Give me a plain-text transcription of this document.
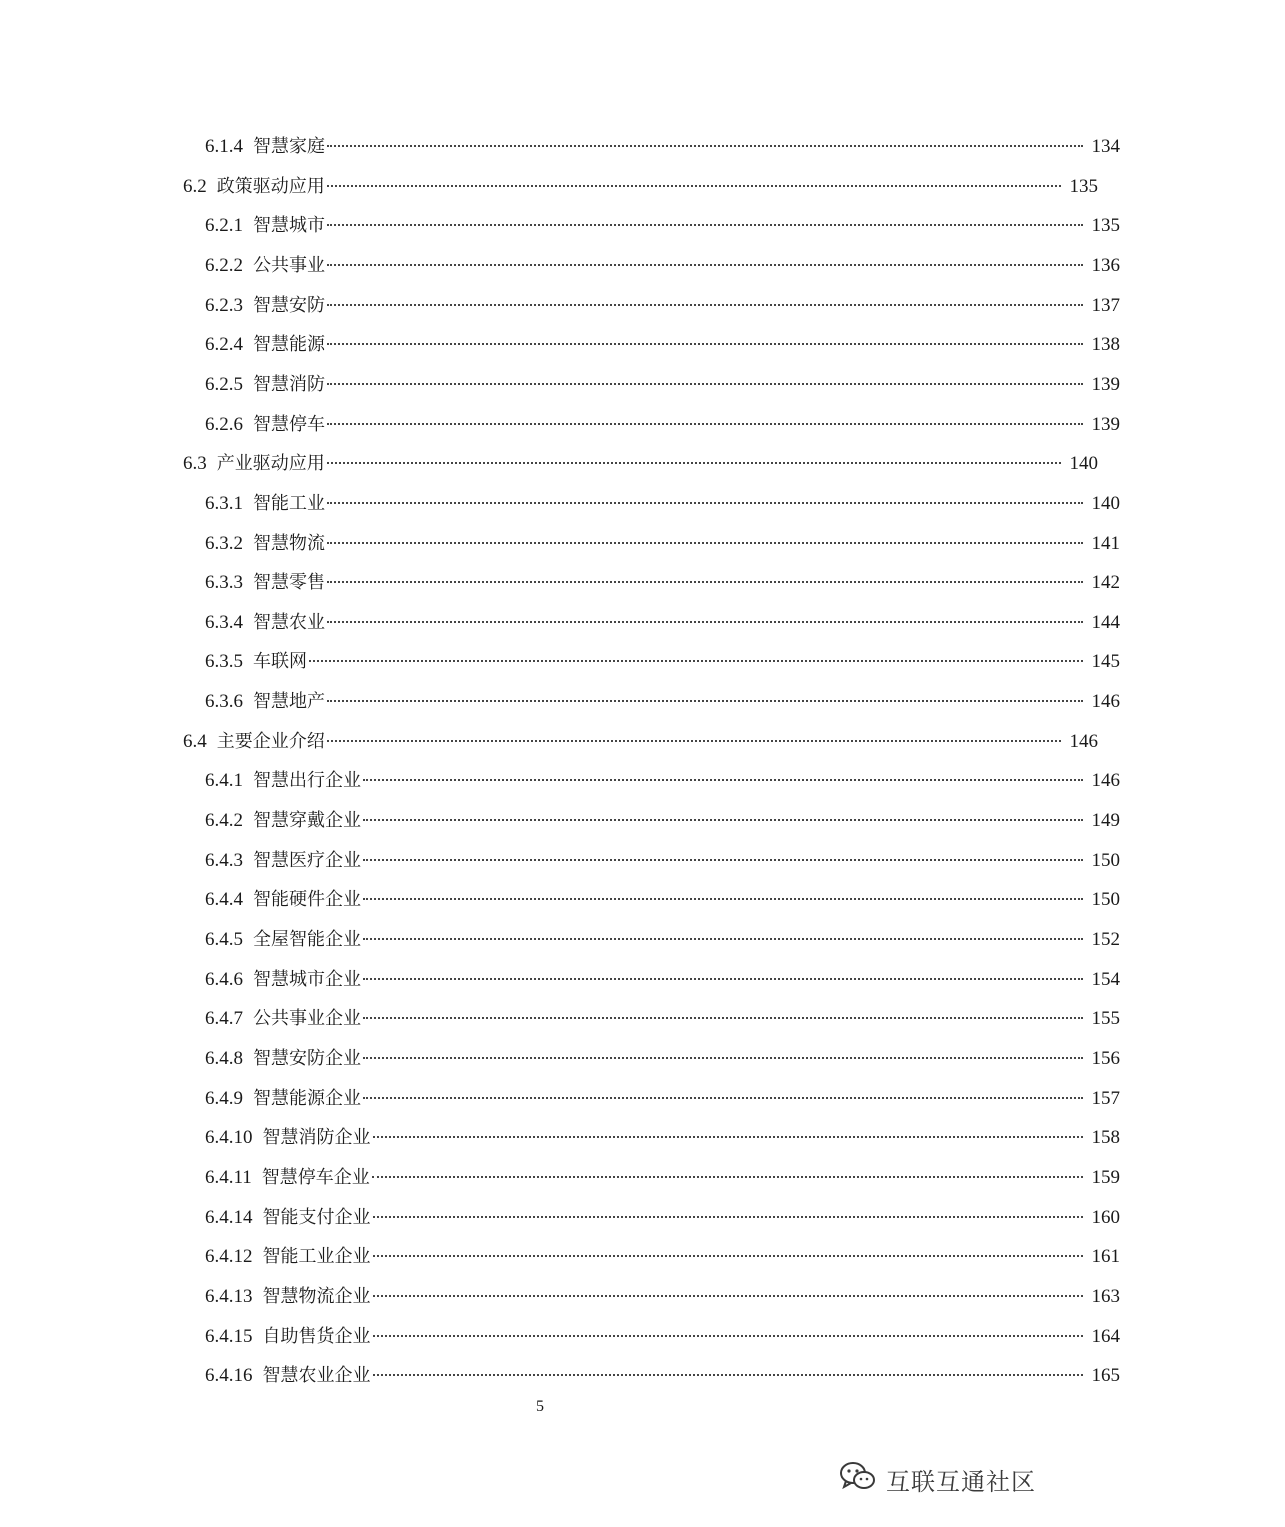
6.1.4 智慧家庭	134
6.2 政策驱动应用	135
6.2.1 智慧城市	135
6.2.2 公共事业	136
6.2.3 智慧安防	137
6.2.4 智慧能源	138
6.2.5 智慧消防	139
6.2.6 智慧停车	139
6.3 产业驱动应用	140
6.3.1 智能工业	140
6.3.2 智慧物流	141
6.3.3 智慧零售	142
6.3.4 智慧农业	144
6.3.5 车联网	145
6.3.6 智慧地产	146
6.4 主要企业介绍	146
6.4.1 智慧出行企业	146
6.4.2 智慧穿戴企业	149
6.4.3 智慧医疗企业	150
6.4.4 智能硬件企业	150
6.4.5 全屋智能企业	152
6.4.6 智慧城市企业	154
6.4.7 公共事业企业	155
6.4.8 智慧安防企业	156
6.4.9 智慧能源企业	157
6.4.10 智慧消防企业	158
6.4.11 智慧停车企业	159
6.4.14 智能支付企业	160
6.4.12 智能工业企业	161
6.4.13 智慧物流企业	163
6.4.15 自助售货企业	164
6.4.16 智慧农业企业	165
5
互联互通社区
